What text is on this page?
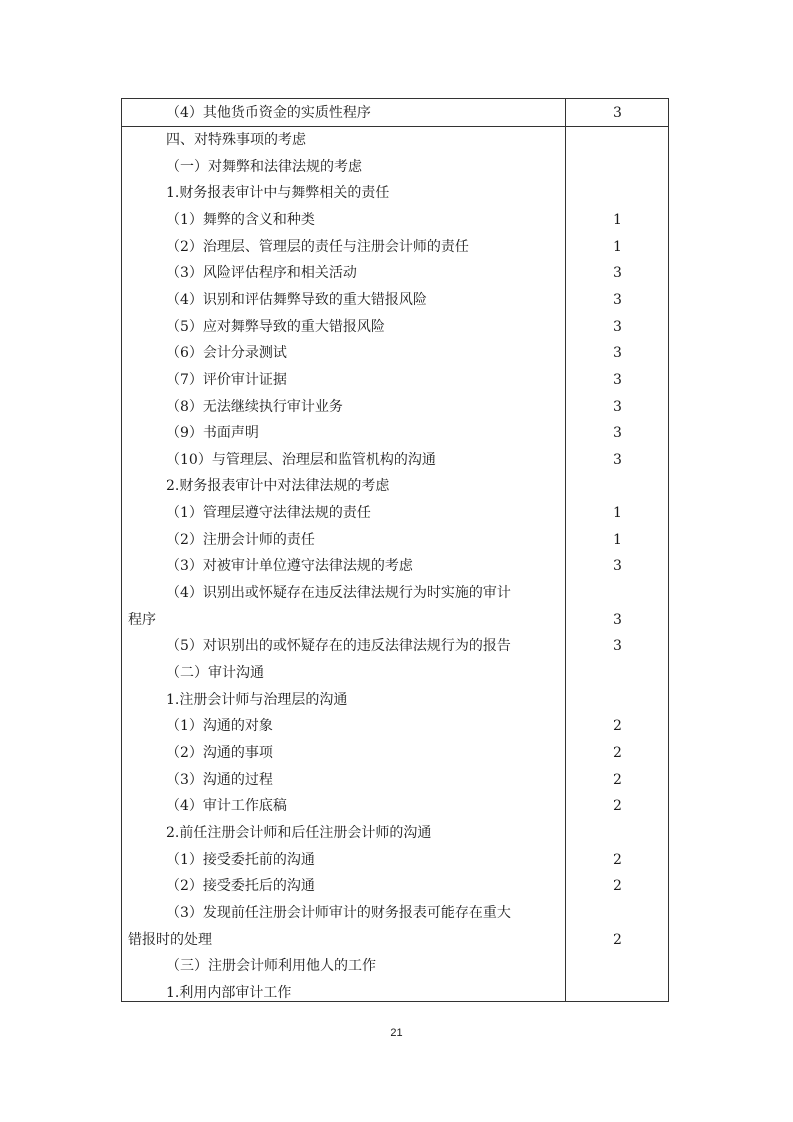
（4）其他货币资金的实质性程序	3
四、对特殊事项的考虑
（一）对舞弊和法律法规的考虑
1.财务报表审计中与舞弊相关的责任
（1）舞弊的含义和种类	1
（2）治理层、管理层的责任与注册会计师的责任	1
（3）风险评估程序和相关活动	3
（4）识别和评估舞弊导致的重大错报风险	3
（5）应对舞弊导致的重大错报风险	3
（6）会计分录测试	3
（7）评价审计证据	3
（8）无法继续执行审计业务	3
（9）书面声明	3
（10）与管理层、治理层和监管机构的沟通	3
2.财务报表审计中对法律法规的考虑
（1）管理层遵守法律法规的责任	1
（2）注册会计师的责任	1
（3）对被审计单位遵守法律法规的考虑	3
（4）识别出或怀疑存在违反法律法规行为时实施的审计
程序	3
（5）对识别出的或怀疑存在的违反法律法规行为的报告	3
（二）审计沟通
1.注册会计师与治理层的沟通
（1）沟通的对象	2
（2）沟通的事项	2
（3）沟通的过程	2
（4）审计工作底稿	2
2.前任注册会计师和后任注册会计师的沟通
（1）接受委托前的沟通	2
（2）接受委托后的沟通	2
（3）发现前任注册会计师审计的财务报表可能存在重大
错报时的处理	2
（三）注册会计师利用他人的工作
1.利用内部审计工作
21
